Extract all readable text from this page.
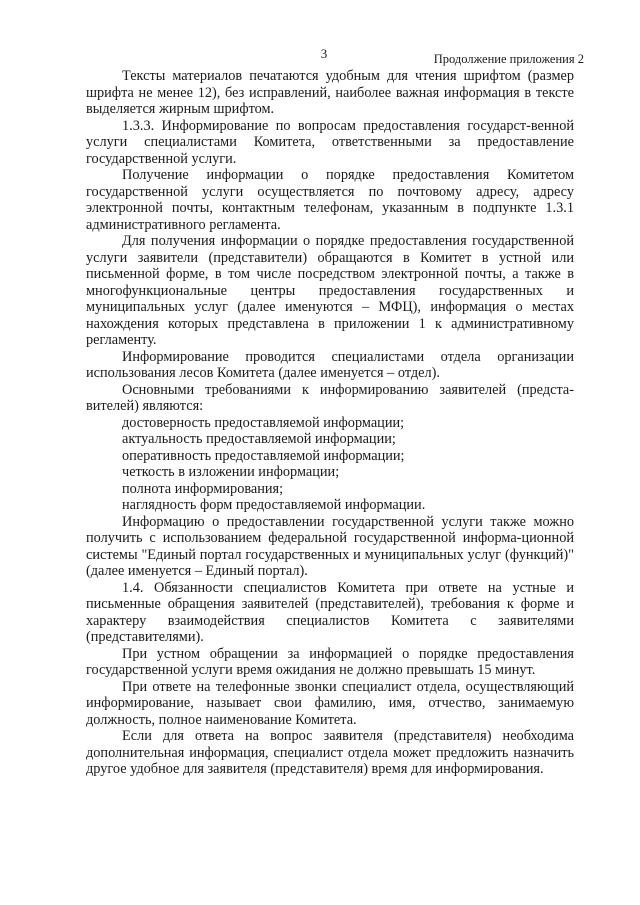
3	Продолжение приложения 2

Тексты материалов печатаются удобным для чтения шрифтом (размер шрифта не менее 12), без исправлений, наиболее важная информация в тексте выделяется жирным шрифтом.

1.3.3. Информирование по вопросам предоставления государст-венной услуги специалистами Комитета, ответственными за предоставление государственной услуги.

Получение информации о порядке предоставления Комитетом государственной услуги осуществляется по почтовому адресу, адресу электронной почты, контактным телефонам, указанным в подпункте 1.3.1 административного регламента.

Для получения информации о порядке предоставления государственной услуги заявители (представители) обращаются в Комитет в устной или письменной форме, в том числе посредством электронной почты, а также в многофункциональные центры предоставления государственных и муниципальных услуг (далее именуются – МФЦ), информация о местах нахождения которых представлена в приложении 1 к административному регламенту.

Информирование проводится специалистами отдела организации использования лесов Комитета (далее именуется – отдел).

Основными требованиями к информированию заявителей (предста-вителей) являются:

достоверность предоставляемой информации;

актуальность предоставляемой информации;

оперативность предоставляемой информации;

четкость в изложении информации;

полнота информирования;

наглядность форм предоставляемой информации.

Информацию о предоставлении государственной услуги также можно получить с использованием федеральной государственной информа-ционной системы "Единый портал государственных и муниципальных услуг (функций)" (далее именуется – Единый портал).

1.4. Обязанности специалистов Комитета при ответе на устные и письменные обращения заявителей (представителей), требования к форме и характеру взаимодействия специалистов Комитета с заявителями (представителями).

При устном обращении за информацией о порядке предоставления государственной услуги время ожидания не должно превышать 15 минут.

При ответе на телефонные звонки специалист отдела, осуществляющий информирование, называет свои фамилию, имя, отчество, занимаемую должность, полное наименование Комитета.

Если для ответа на вопрос заявителя (представителя) необходима дополнительная информация, специалист отдела может предложить назначить другое удобное для заявителя (представителя) время для информирования.
